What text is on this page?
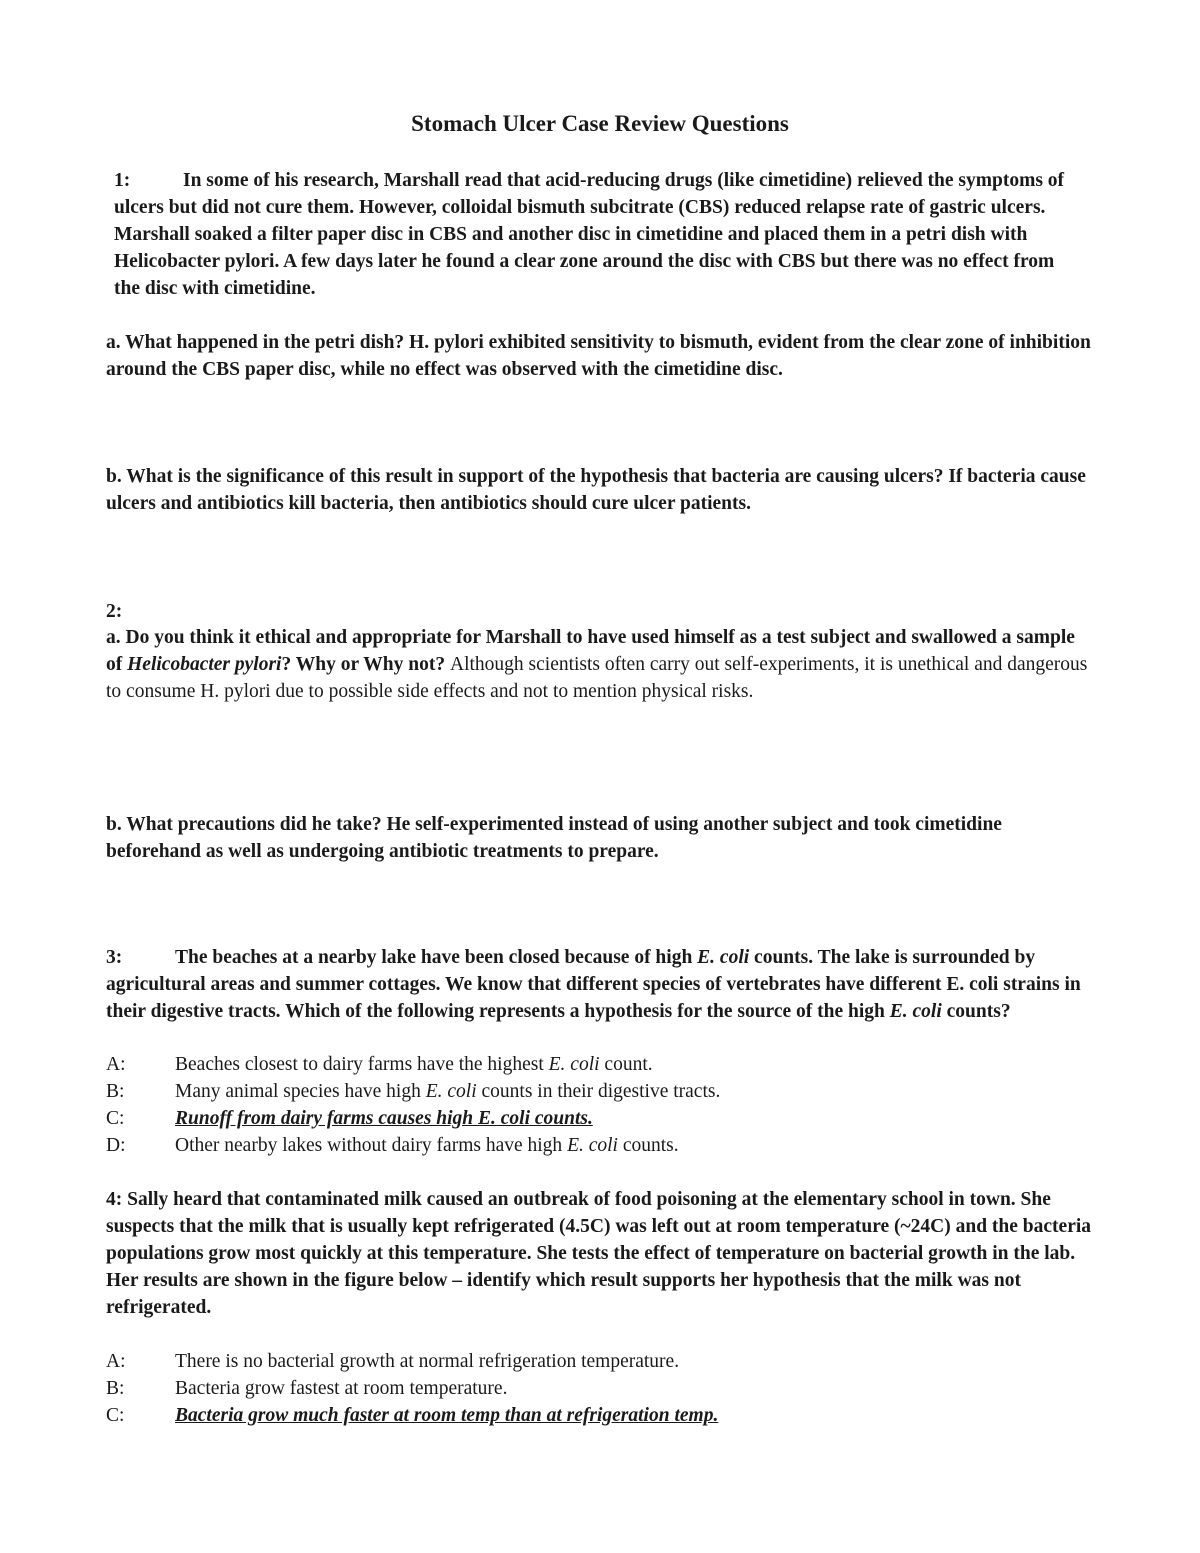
Stomach Ulcer Case Review Questions
1:	In some of his research, Marshall read that acid-reducing drugs (like cimetidine) relieved the symptoms of ulcers but did not cure them. However, colloidal bismuth subcitrate (CBS) reduced relapse rate of gastric ulcers. Marshall soaked a filter paper disc in CBS and another disc in cimetidine and placed them in a petri dish with Helicobacter pylori. A few days later he found a clear zone around the disc with CBS but there was no effect from the disc with cimetidine.
a. What happened in the petri dish? H. pylori exhibited sensitivity to bismuth, evident from the clear zone of inhibition around the CBS paper disc, while no effect was observed with the cimetidine disc.
b. What is the significance of this result in support of the hypothesis that bacteria are causing ulcers? If bacteria cause ulcers and antibiotics kill bacteria, then antibiotics should cure ulcer patients.
2:
a. Do you think it ethical and appropriate for Marshall to have used himself as a test subject and swallowed a sample of Helicobacter pylori? Why or Why not? Although scientists often carry out self-experiments, it is unethical and dangerous to consume H. pylori due to possible side effects and not to mention physical risks.
b. What precautions did he take? He self-experimented instead of using another subject and took cimetidine beforehand as well as undergoing antibiotic treatments to prepare.
3:	The beaches at a nearby lake have been closed because of high E. coli counts. The lake is surrounded by agricultural areas and summer cottages. We know that different species of vertebrates have different E. coli strains in their digestive tracts. Which of the following represents a hypothesis for the source of the high E. coli counts?
A:	Beaches closest to dairy farms have the highest E. coli count.
B:	Many animal species have high E. coli counts in their digestive tracts.
C:	Runoff from dairy farms causes high E. coli counts.
D:	Other nearby lakes without dairy farms have high E. coli counts.
4: Sally heard that contaminated milk caused an outbreak of food poisoning at the elementary school in town. She suspects that the milk that is usually kept refrigerated (4.5C) was left out at room temperature (~24C) and the bacteria populations grow most quickly at this temperature. She tests the effect of temperature on bacterial growth in the lab. Her results are shown in the figure below – identify which result supports her hypothesis that the milk was not refrigerated.
A:	There is no bacterial growth at normal refrigeration temperature.
B:	Bacteria grow fastest at room temperature.
C:	Bacteria grow much faster at room temp than at refrigeration temp.
